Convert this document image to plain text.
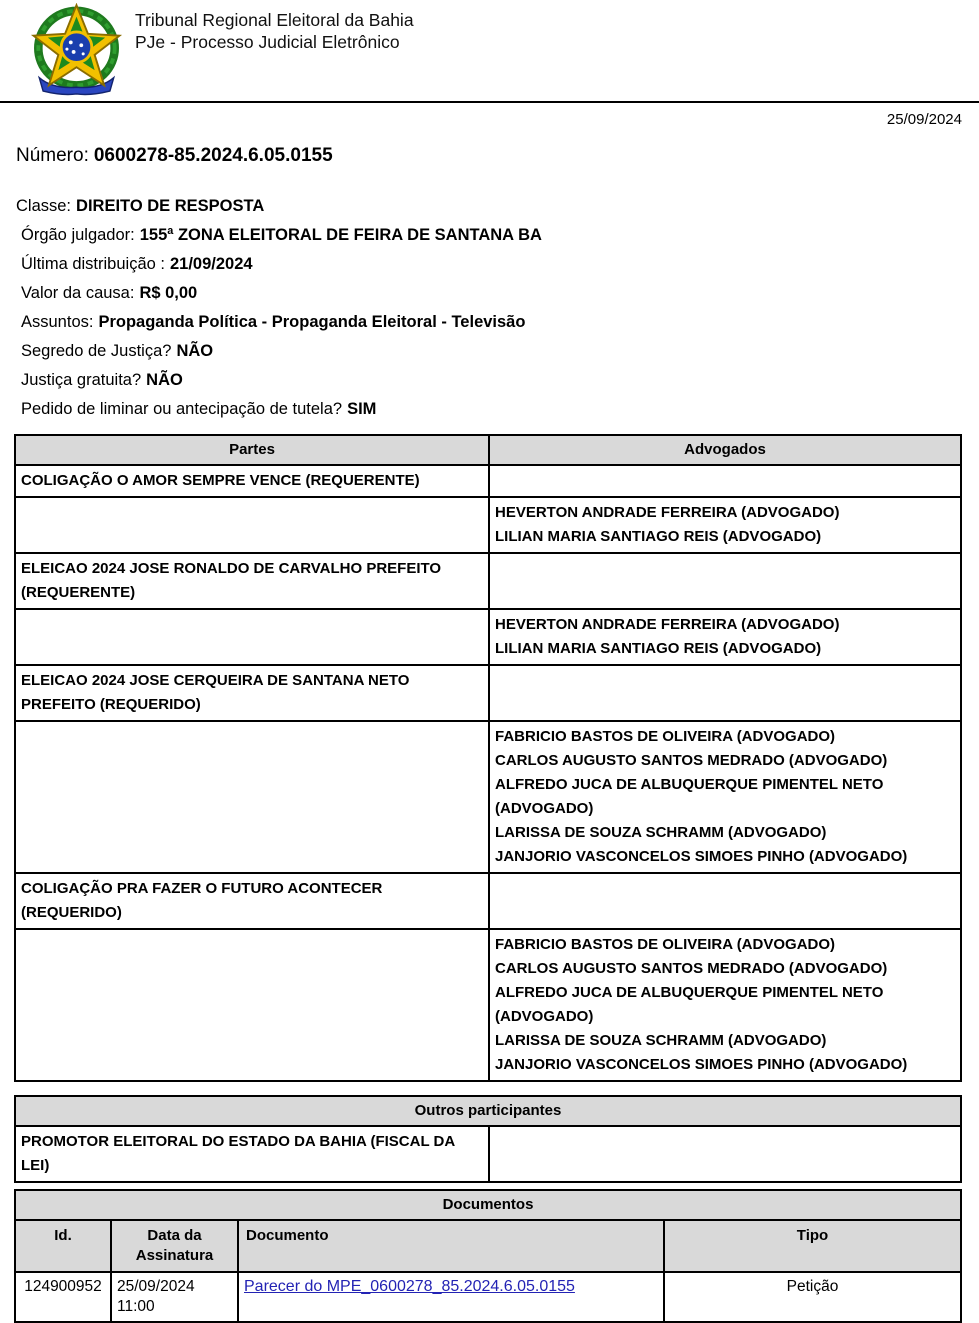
Tribunal Regional Eleitoral da Bahia
PJe - Processo Judicial Eletrônico
25/09/2024
Número: 0600278-85.2024.6.05.0155
Classe: DIREITO DE RESPOSTA
Órgão julgador: 155ª ZONA ELEITORAL DE FEIRA DE SANTANA BA
Última distribuição : 21/09/2024
Valor da causa: R$ 0,00
Assuntos: Propaganda Política - Propaganda Eleitoral - Televisão
Segredo de Justiça? NÃO
Justiça gratuita? NÃO
Pedido de liminar ou antecipação de tutela? SIM
Partes	Advogados
COLIGAÇÃO O AMOR SEMPRE VENCE (REQUERENTE)	

	HEVERTON ANDRADE FERREIRA (ADVOGADO)
LILIAN MARIA SANTIAGO REIS (ADVOGADO)

ELEICAO 2024 JOSE RONALDO DE CARVALHO PREFEITO (REQUERENTE)	

	HEVERTON ANDRADE FERREIRA (ADVOGADO)
LILIAN MARIA SANTIAGO REIS (ADVOGADO)

ELEICAO 2024 JOSE CERQUEIRA DE SANTANA NETO PREFEITO (REQUERIDO)	

	FABRICIO BASTOS DE OLIVEIRA (ADVOGADO)
CARLOS AUGUSTO SANTOS MEDRADO (ADVOGADO)
ALFREDO JUCA DE ALBUQUERQUE PIMENTEL NETO (ADVOGADO)
LARISSA DE SOUZA SCHRAMM (ADVOGADO)
JANJORIO VASCONCELOS SIMOES PINHO (ADVOGADO)

COLIGAÇÃO PRA FAZER O FUTURO ACONTECER (REQUERIDO)	

	FABRICIO BASTOS DE OLIVEIRA (ADVOGADO)
CARLOS AUGUSTO SANTOS MEDRADO (ADVOGADO)
ALFREDO JUCA DE ALBUQUERQUE PIMENTEL NETO (ADVOGADO)
LARISSA DE SOUZA SCHRAMM (ADVOGADO)
JANJORIO VASCONCELOS SIMOES PINHO (ADVOGADO)
Outros participantes
PROMOTOR ELEITORAL DO ESTADO DA BAHIA (FISCAL DA LEI)	
Documentos			
Id.	Data da Assinatura	Documento	Tipo
124900952	25/09/2024 11:00	Parecer do MPE_0600278_85.2024.6.05.0155	Petição
